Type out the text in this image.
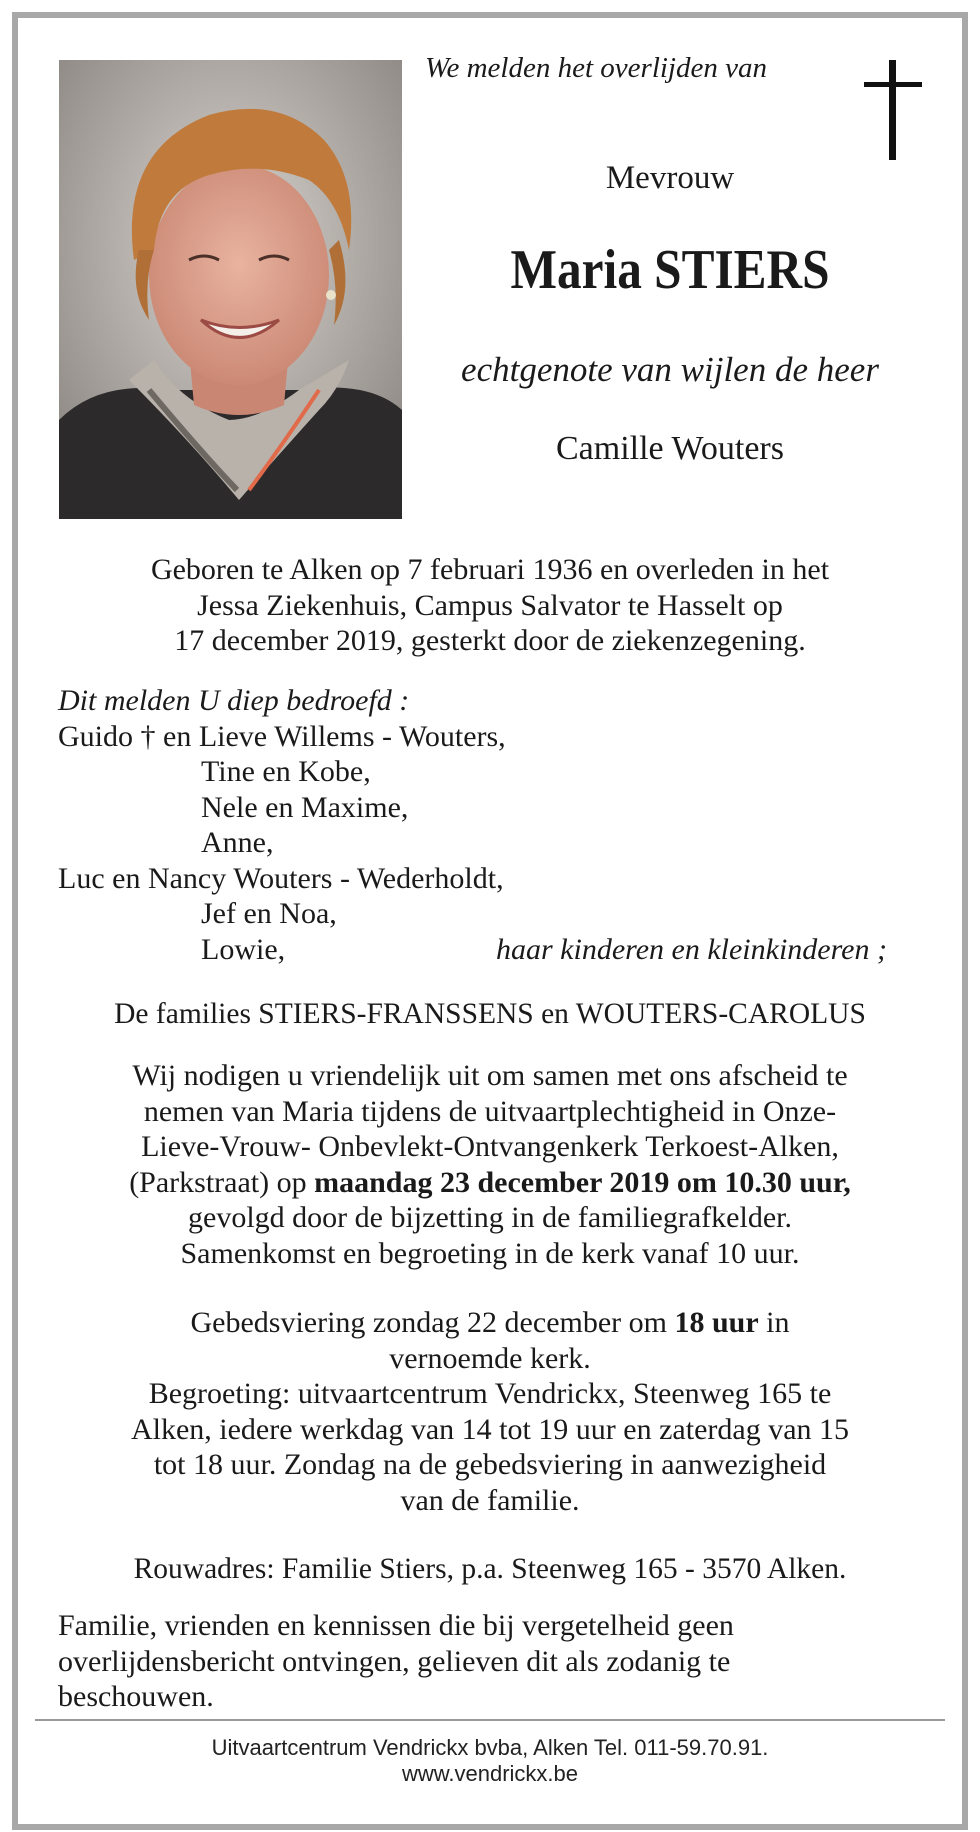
We melden het overlijden van
Mevrouw
Maria STIERS
echtgenote van wijlen de heer
Camille Wouters
Geboren te Alken op 7 februari 1936 en overleden in het
Jessa Ziekenhuis, Campus Salvator te Hasselt op
17 december 2019, gesterkt door de ziekenzegening.
Dit melden U diep bedroefd :
Guido † en Lieve Willems - Wouters,
Tine en Kobe,
Nele en Maxime,
Anne,
Luc en Nancy Wouters - Wederholdt,
Jef en Noa,
Lowie,	haar kinderen en kleinkinderen ;
De families STIERS-FRANSSENS en WOUTERS-CAROLUS
Wij nodigen u vriendelijk uit om samen met ons afscheid te
nemen van Maria tijdens de uitvaartplechtigheid in Onze-
Lieve-Vrouw- Onbevlekt-Ontvangenkerk Terkoest-Alken,
(Parkstraat) op maandag 23 december 2019 om 10.30 uur,
gevolgd door de bijzetting in de familiegrafkelder.
Samenkomst en begroeting in de kerk vanaf 10 uur.
Gebedsviering zondag 22 december om 18 uur in
vernoemde kerk.
Begroeting: uitvaartcentrum Vendrickx, Steenweg 165 te
Alken, iedere werkdag van 14 tot 19 uur en zaterdag van 15
tot 18 uur. Zondag na de gebedsviering in aanwezigheid
van de familie.
Rouwadres: Familie Stiers, p.a. Steenweg 165 - 3570 Alken.
Familie, vrienden en kennissen die bij vergetelheid geen
overlijdensbericht ontvingen, gelieven dit als zodanig te
beschouwen.
Uitvaartcentrum Vendrickx bvba, Alken Tel. 011-59.70.91.
www.vendrickx.be
